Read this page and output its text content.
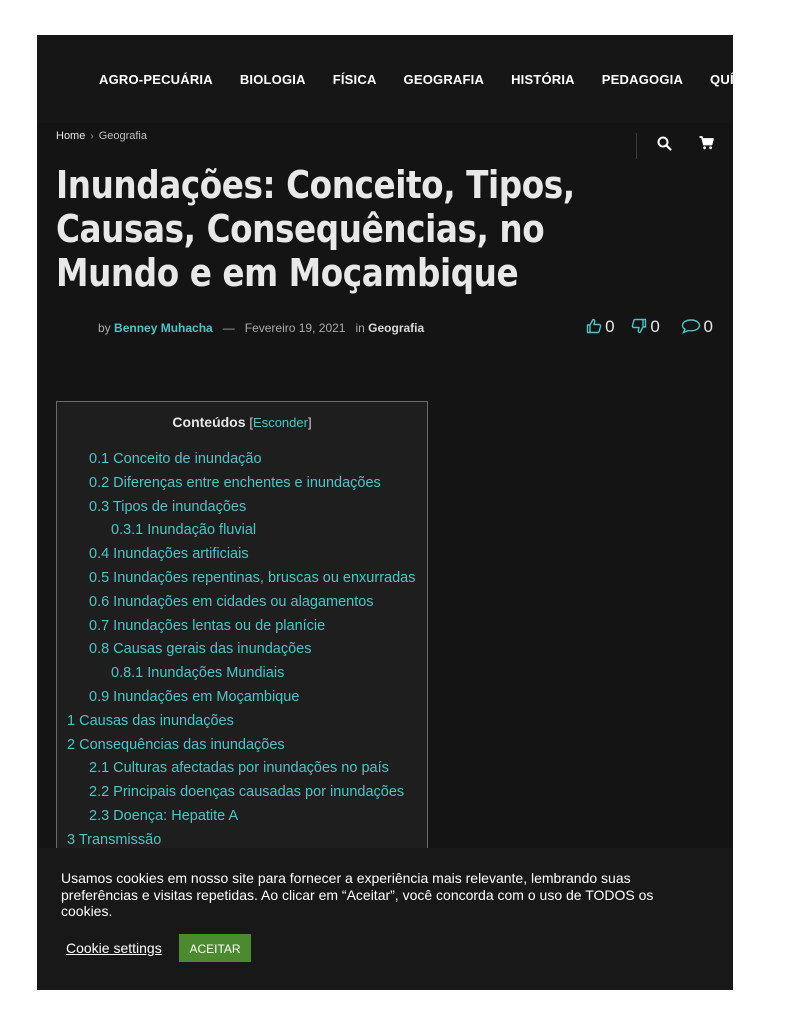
AGRO-PECUÁRIA BIOLOGIA FÍSICA GEOGRAFIA HISTÓRIA PEDAGOGIA QUÍMICA
Home › Geografia
Inundações: Conceito, Tipos, Causas, Consequências, no Mundo e em Moçambique
by Benney Muhacha — Fevereiro 19, 2021 in Geografia	0 0	0
Conteúdos [Esconder]
0.1 Conceito de inundação
0.2 Diferenças entre enchentes e inundações
0.3 Tipos de inundações
0.3.1 Inundação fluvial
0.4 Inundações artificiais
0.5 Inundações repentinas, bruscas ou enxurradas
0.6 Inundações em cidades ou alagamentos
0.7 Inundações lentas ou de planície
0.8 Causas gerais das inundações
0.8.1 Inundações Mundiais
0.9 Inundações em Moçambique
1 Causas das inundações
2 Consequências das inundações
2.1 Culturas afectadas por inundações no país
2.2 Principais doenças causadas por inundações
2.3 Doença: Hepatite A
3 Transmissão

Usamos cookies em nosso site para fornecer a experiência mais relevante, lembrando suas preferências e visitas repetidas. Ao clicar em “Aceitar”, você concorda com o uso de TODOS os cookies.

Cookie settings	ACEITAR
